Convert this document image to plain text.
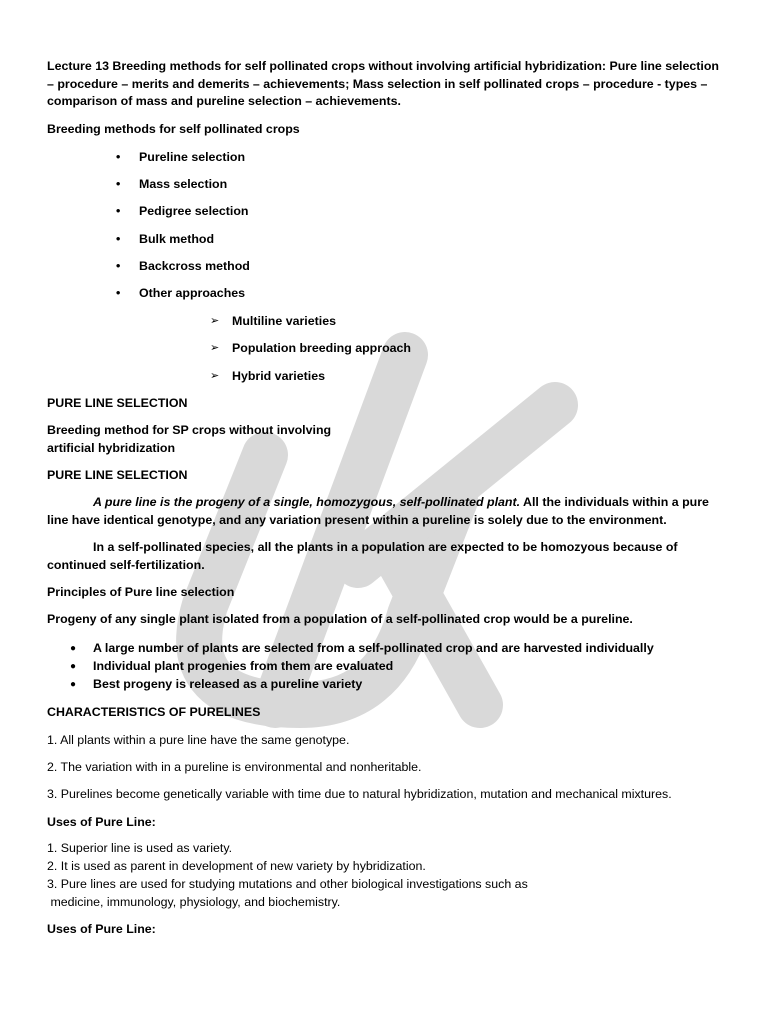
Lecture 13 Breeding methods for self pollinated crops without involving artificial hybridization: Pure line selection – procedure – merits and demerits – achievements; Mass selection in self pollinated crops – procedure - types – comparison of mass and pureline selection – achievements.

Breeding methods for self pollinated crops

• Pureline selection
• Mass selection
• Pedigree selection
• Bulk method
• Backcross method
• Other approaches
➢ Multiline varieties
➢ Population breeding approach
➢ Hybrid varieties

PURE LINE SELECTION

Breeding method for SP crops without involving

artificial hybridization

PURE LINE SELECTION

A pure line is the progeny of a single, homozygous, self-pollinated plant. All the individuals within a pure line have identical genotype, and any variation present within a pureline is solely due to the environment.

In a self-pollinated species, all the plants in a population are expected to be homozyous because of continued self-fertilization.

Principles of Pure line selection

Progeny of any single plant isolated from a population of a self-pollinated crop would be a pureline.

● A large number of plants are selected from a self-pollinated crop and are harvested individually
● Individual plant progenies from them are evaluated
● Best progeny is released as a pureline variety

CHARACTERISTICS OF PURELINES

1. All plants within a pure line have the same genotype.

2. The variation with in a pureline is environmental and nonheritable.

3. Purelines become genetically variable with time due to natural hybridization, mutation and mechanical mixtures.

Uses of Pure Line:

1. Superior line is used as variety.

2. It is used as parent in development of new variety by hybridization.

3. Pure lines are used for studying mutations and other biological investigations such as

medicine, immunology, physiology, and biochemistry.

Uses of Pure Line:
